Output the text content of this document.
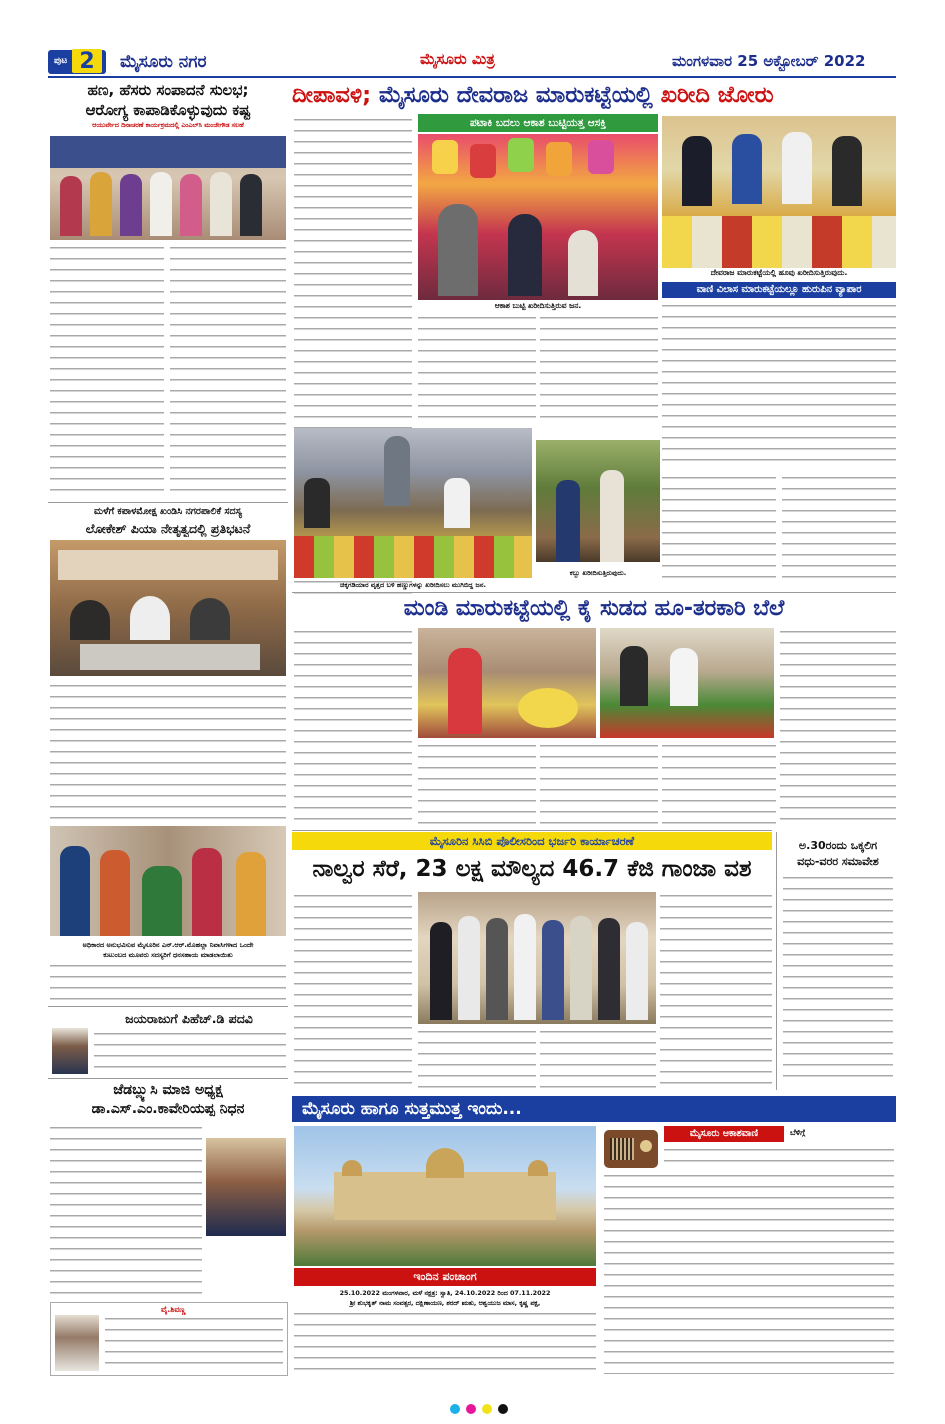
ಪುಟ 2	ಮೈಸೂರು ನಗರ	ಮೈಸೂರು ಮಿತ್ರ	ಮಂಗಳವಾರ 25 ಅಕ್ಟೋಬರ್ 2022
ಹಣ, ಹೆಸರು ಸಂಪಾದನೆ ಸುಲಭ;
ಆರೋಗ್ಯ ಕಾಪಾಡಿಕೊಳ್ಳುವುದು ಕಷ್ಟ
ಆಯುರ್ವೇದ ದಿನಾಚರಣೆ ಕಾರ್ಯಕ್ರಮದಲ್ಲಿ ಎಂಎಲ್‌ಸಿ ಮಂಜೇಗೌಡ ಸಲಹೆ
ಮಳೆಗೆ ಕಪಾಳಮೋಕ್ಷ ಖಂಡಿಸಿ ನಗರಪಾಲಿಕೆ ಸದಸ್ಯ
ಲೋಕೇಶ್ ಪಿಯಾ ನೇತೃತ್ವದಲ್ಲಿ ಪ್ರತಿಭಟನೆ
ಅಧಿಕಾರದ ಅನುಭವಿಸುವ ಮೈಸೂರಿನ ಎನ್.ಆರ್.ಮೊಹಲ್ಲಾ ನಿವಾಸಿಗಳಾದ ಒಂದೇ
ಕುಟುಂಬದ ಮೂವರು ಸದಸ್ಯರಿಗೆ ಧನಸಹಾಯ ಮಾಡಲಾಯಿತು
ಜಯರಾಜುಗೆ ಪಿಹೆಚ್.ಡಿ ಪದವಿ
ಜೆಡಬ್ಲ್ಯುಸಿ ಮಾಜಿ ಅಧ್ಯಕ್ಷ
ಡಾ.ಎಸ್.ಎಂ.ಕಾವೇರಿಯಪ್ಪ ನಿಧನ
ವೈ.ಶಿವಣ್ಣ
ದೀಪಾವಳಿ; ಮೈಸೂರು ದೇವರಾಜ ಮಾರುಕಟ್ಟೆಯಲ್ಲಿ ಖರೀದಿ ಜೋರು
ಪಟಾಕಿ ಬದಲು ಆಕಾಶ ಬುಟ್ಟಿಯತ್ತ ಆಸಕ್ತಿ
ಆಕಾಶ ಬುಟ್ಟಿ ಖರೀದಿಸುತ್ತಿರುವ ಜನ.
ದೇವರಾಜ ಮಾರುಕಟ್ಟೆಯಲ್ಲಿ ಹೂವು ಖರೀದಿಸುತ್ತಿರುವುದು.
ವಾಣಿ ವಿಲಾಸ ಮಾರುಕಟ್ಟೆಯಲ್ಲೂ ಹುರುಪಿನ ವ್ಯಾಪಾರ
ಚಿಕ್ಕಗಡಿಯಾರ ವೃತ್ತದ ಬಳಿ ಹಣ್ಣುಗಳನ್ನು ಖರೀದಿಸಲು ಮುಗಿಬಿದ್ದ ಜನ.
ಕಬ್ಬು ಖರೀದಿಸುತ್ತಿರುವುದು.
ಮಂಡಿ ಮಾರುಕಟ್ಟೆಯಲ್ಲಿ ಕೈ ಸುಡದ ಹೂ-ತರಕಾರಿ ಬೆಲೆ
ಮೈಸೂರಿನ ಸಿಸಿಬಿ ಪೊಲೀಸರಿಂದ ಭರ್ಜರಿ ಕಾರ್ಯಾಚರಣೆ
ನಾಲ್ವರ ಸೆರೆ, 23 ಲಕ್ಷ ಮೌಲ್ಯದ 46.7 ಕೆಜಿ ಗಾಂಜಾ ವಶ
ಅ.30ರಂದು ಒಕ್ಕಲಿಗ
ವಧು-ವರರ ಸಮಾವೇಶ
ಮೈಸೂರು ಹಾಗೂ ಸುತ್ತಮುತ್ತ ಇಂದು...
ಇಂದಿನ ಪಂಚಾಂಗ
25.10.2022 ಮಂಗಳವಾರ, ಮಳೆ ನಕ್ಷತ್ರ: ಸ್ವಾತಿ, 24.10.2022 ರಿಂದ 07.11.2022
ಶ್ರೀ ಶುಭಕೃತ್ ನಾಮ ಸಂವತ್ಸರ, ದಕ್ಷಿಣಾಯಣ, ಶರದ್ ಋತು, ಆಶ್ವಯುಜ ಮಾಸ, ಕೃಷ್ಣ ಪಕ್ಷ,
ಮೈಸೂರು ಆಕಾಶವಾಣಿ	ಬೆಳಿಗ್ಗೆ
